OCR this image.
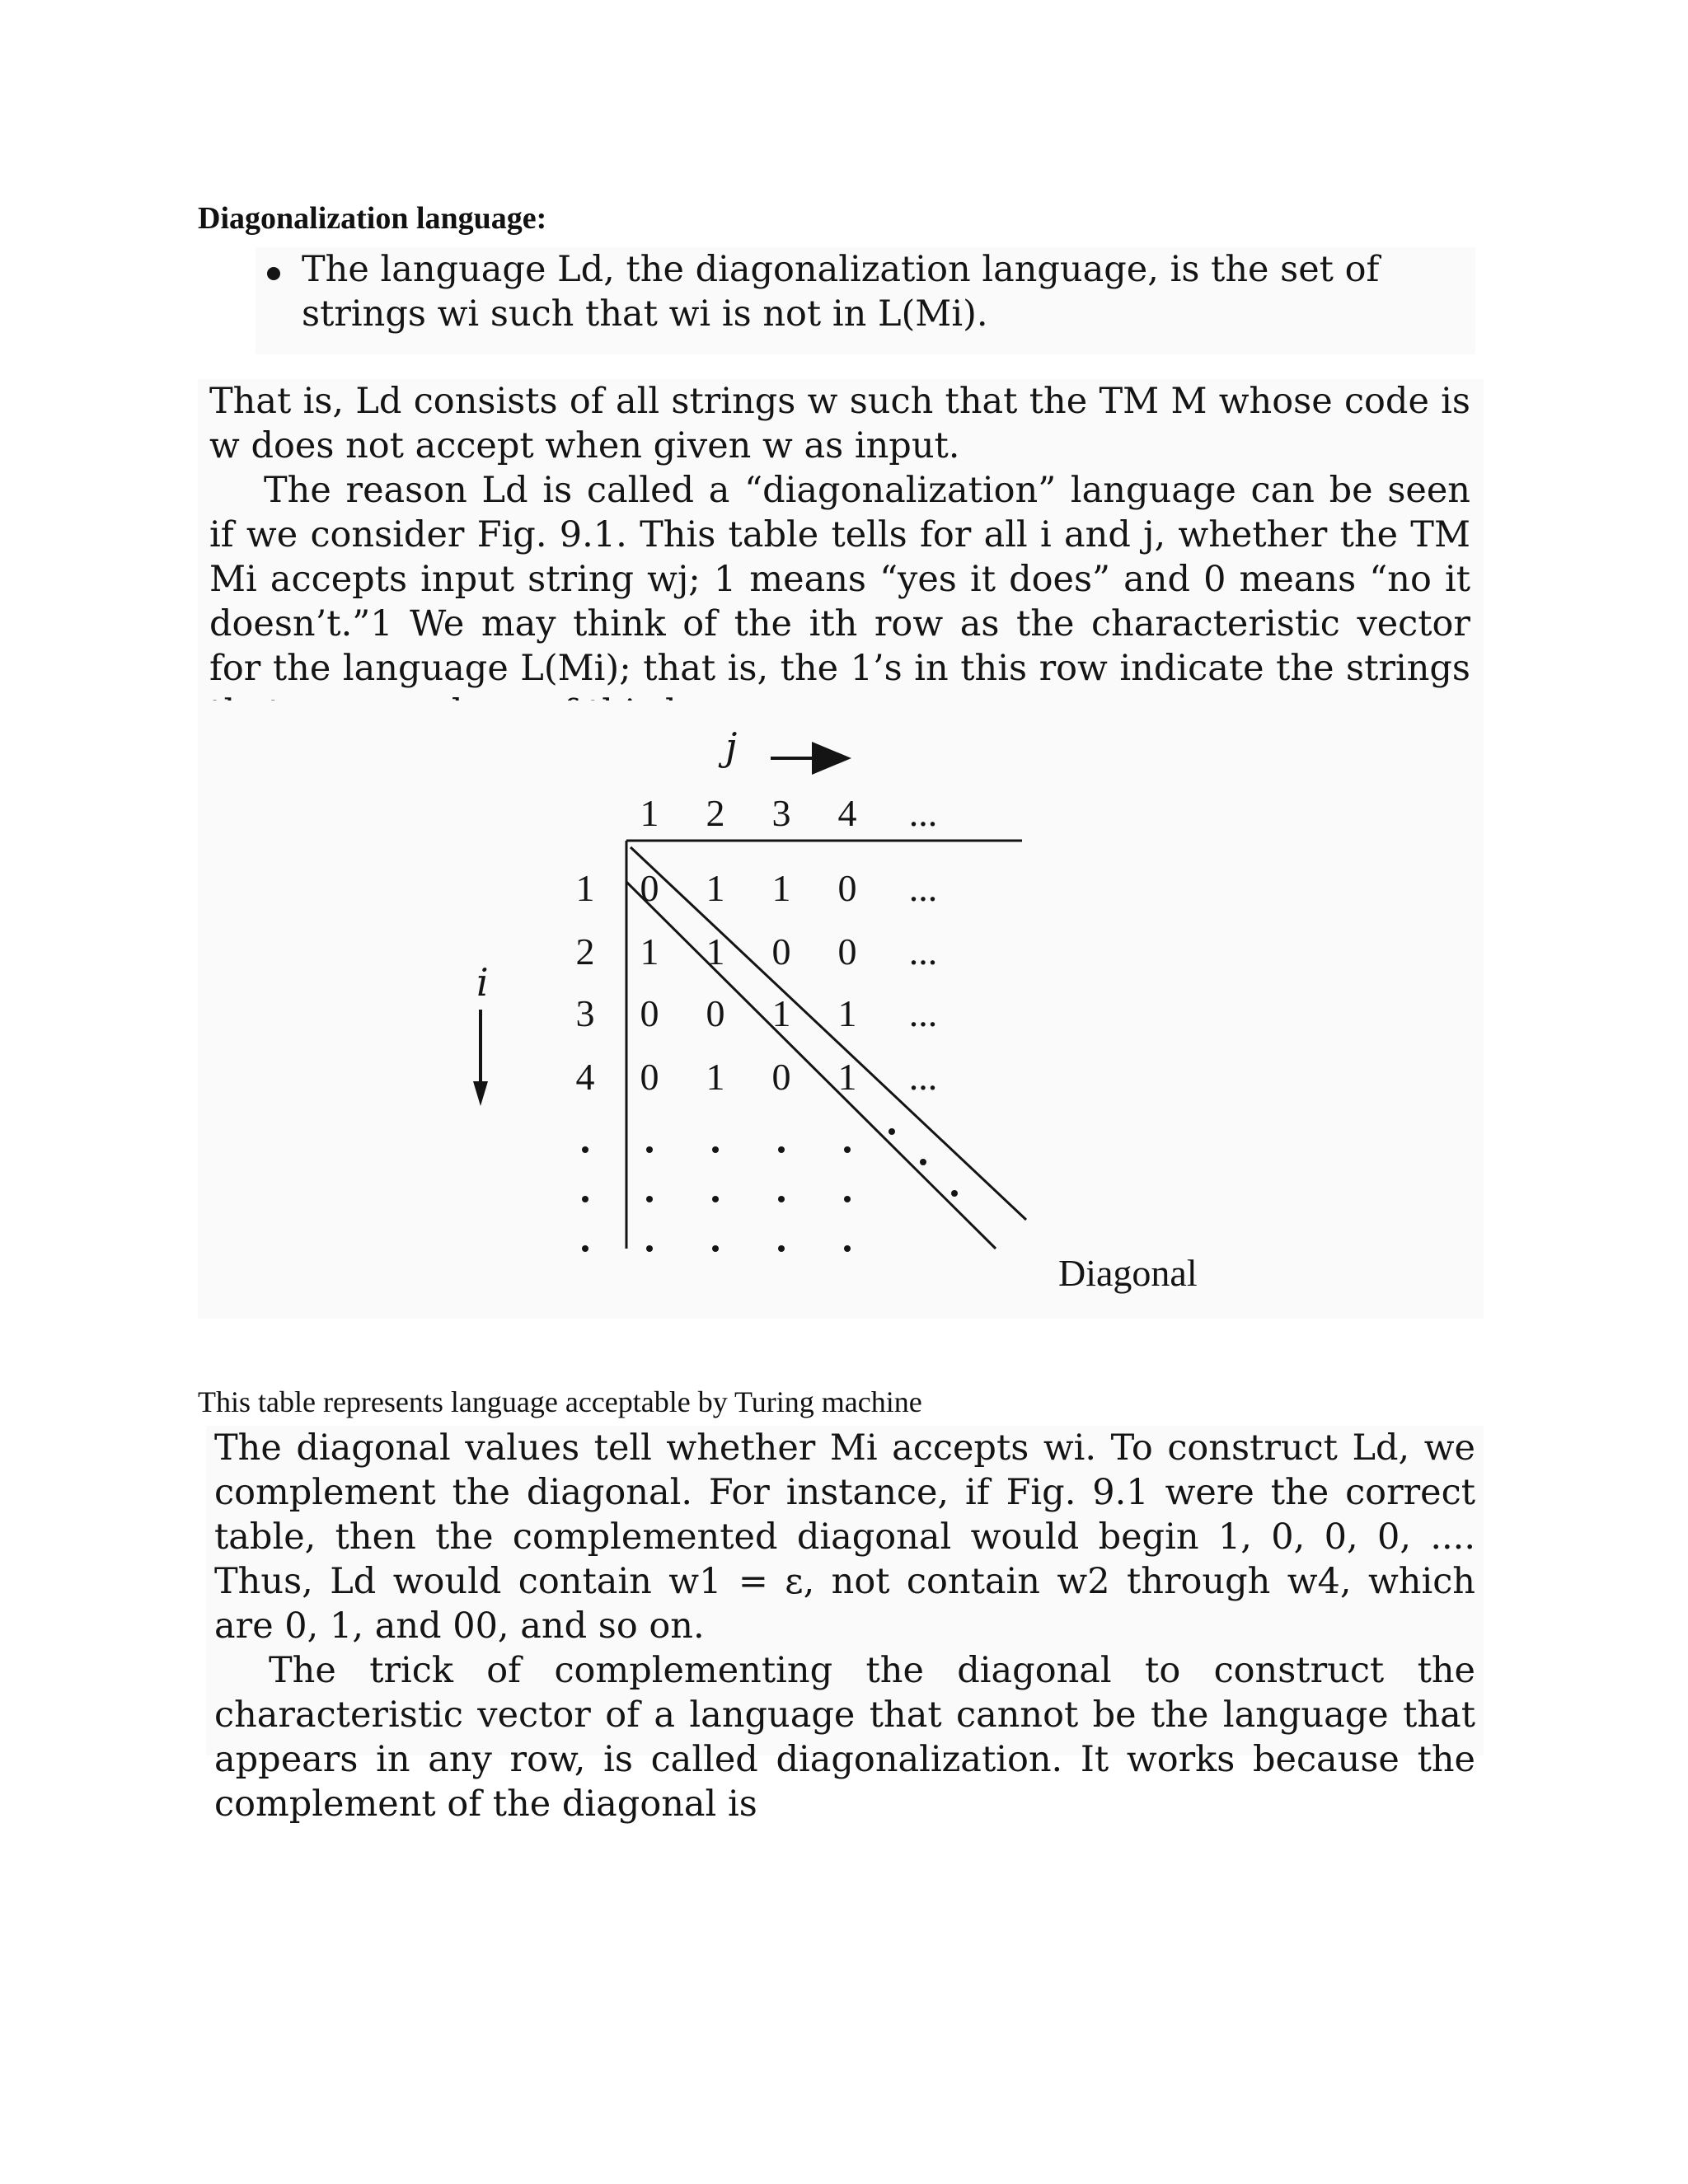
Diagonalization language:
The language Ld, the diagonalization language, is the set of strings wi such that wi is not in L(Mi).

That is, Ld consists of all strings w such that the TM M whose code is w does not accept when given w as input.

The reason Ld is called a “diagonalization” language can be seen if we consider Fig. 9.1. This table tells for all i and j, whether the TM Mi accepts input string wj; 1 means “yes it does” and 0 means “no it doesn’t.”1 We may think of the ith row as the characteristic vector for the language L(Mi); that is, the 1’s in this row indicate the strings

j
i
1 2 3 4 ...
1
2
3
4
0 1 1 0 ...
1 1 0 0 ...
0 0 1 1 ...
0 1 0 1 ...
Diagonal
This table represents language acceptable by Turing machine

The diagonal values tell whether Mi accepts wi. To construct Ld, we complement the diagonal. For instance, if Fig. 9.1 were the correct table, then the complemented diagonal would begin 1, 0, 0, 0, .... Thus, Ld would contain w1 = ε, not contain w2 through w4, which are 0, 1, and 00, and so on.

The trick of complementing the diagonal to construct the characteristic vector of a language that cannot be the language that appears in any row, is called diagonalization. It works because the complement of the diagonal is
